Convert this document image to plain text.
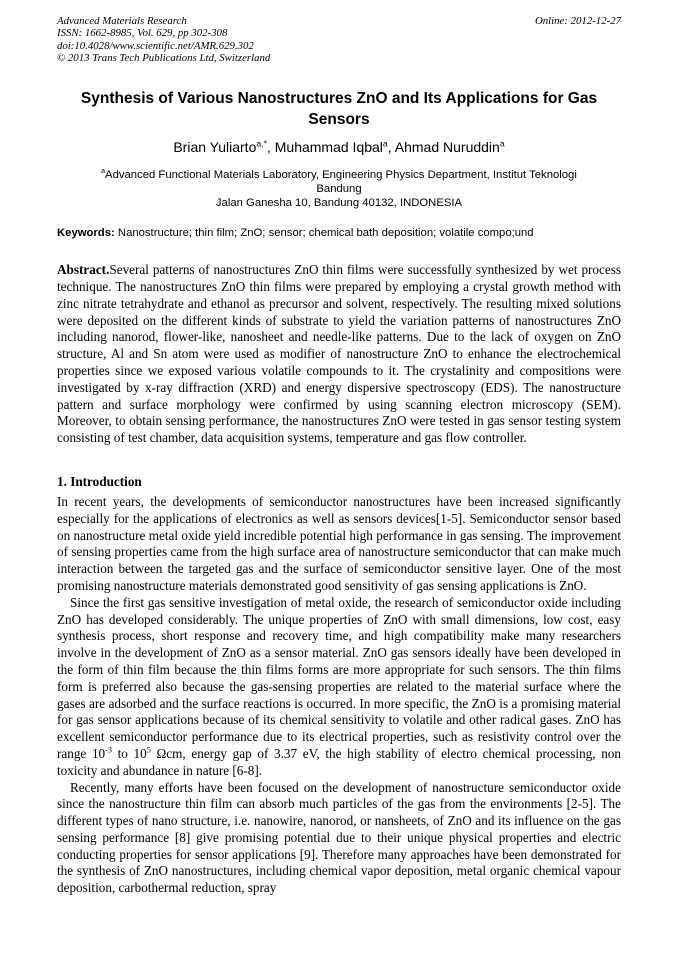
Advanced Materials Research
ISSN: 1662-8985, Vol. 629, pp 302-308
doi:10.4028/www.scientific.net/AMR.629.302
© 2013 Trans Tech Publications Ltd, Switzerland
Online: 2012-12-27
Synthesis of Various Nanostructures ZnO and Its Applications for Gas Sensors
Brian Yuliarto$^{a,*}$, Muhammad Iqbal$^a$, Ahmad Nuruddin$^a$
$^a$Advanced Functional Materials Laboratory, Engineering Physics Department, Institut Teknologi
Bandung
Jalan Ganesha 10, Bandung 40132, INDONESIA
Keywords: Nanostructure; thin film; ZnO; sensor; chemical bath deposition; volatile compo;und

Abstract.Several patterns of nanostructures ZnO thin films were successfully synthesized by wet process technique. The nanostructures ZnO thin films were prepared by employing a crystal growth method with zinc nitrate tetrahydrate and ethanol as precursor and solvent, respectively. The resulting mixed solutions were deposited on the different kinds of substrate to yield the variation patterns of nanostructures ZnO including nanorod, flower-like, nanosheet and needle-like patterns. Due to the lack of oxygen on ZnO structure, Al and Sn atom were used as modifier of nanostructure ZnO to enhance the electrochemical properties since we exposed various volatile compounds to it. The crystalinity and compositions were investigated by x-ray diffraction (XRD) and energy dispersive spectroscopy (EDS). The nanostructure pattern and surface morphology were confirmed by using scanning electron microscopy (SEM). Moreover, to obtain sensing performance, the nanostructures ZnO were tested in gas sensor testing system consisting of test chamber, data acquisition systems, temperature and gas flow controller.

1. Introduction

In recent years, the developments of semiconductor nanostructures have been increased significantly especially for the applications of electronics as well as sensors devices[1-5]. Semiconductor sensor based on nanostructure metal oxide yield incredible potential high performance in gas sensing. The improvement of sensing properties came from the high surface area of nanostructure semiconductor that can make much interaction between the targeted gas and the surface of semiconductor sensitive layer. One of the most promising nanostructure materials demonstrated good sensitivity of gas sensing applications is ZnO.

Since the first gas sensitive investigation of metal oxide, the research of semiconductor oxide including ZnO has developed considerably. The unique properties of ZnO with small dimensions, low cost, easy synthesis process, short response and recovery time, and high compatibility make many researchers involve in the development of ZnO as a sensor material. ZnO gas sensors ideally have been developed in the form of thin film because the thin films forms are more appropriate for such sensors. The thin films form is preferred also because the gas-sensing properties are related to the material surface where the gases are adsorbed and the surface reactions is occurred. In more specific, the ZnO is a promising material for gas sensor applications because of its chemical sensitivity to volatile and other radical gases. ZnO has excellent semiconductor performance due to its electrical properties, such as resistivity control over the range $10^{-3}$ to $10^5$ Ωcm, energy gap of 3.37 eV, the high stability of electro chemical processing, non toxicity and abundance in nature [6-8].

Recently, many efforts have been focused on the development of nanostructure semiconductor oxide since the nanostructure thin film can absorb much particles of the gas from the environments [2-5]. The different types of nano structure, i.e. nanowire, nanorod, or nansheets, of ZnO and its influence on the gas sensing performance [8] give promising potential due to their unique physical properties and electric conducting properties for sensor applications [9]. Therefore many approaches have been demonstrated for the synthesis of ZnO nanostructures, including chemical vapor deposition, metal organic chemical vapour deposition, carbothermal reduction, spray
